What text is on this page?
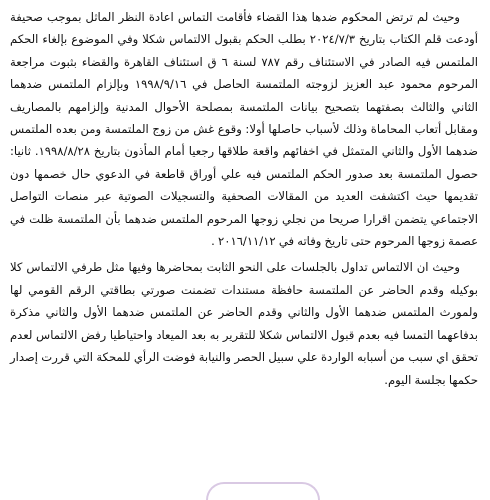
وحيث لم ترتض المحكوم ضدها هذا القضاء فأقامت التماس اعادة النظر الماثل بموجب صحيفة أودعت قلم الكتاب بتاريخ ٢٠٢٤/٧/٣ بطلب الحكم بقبول الالتماس شكلا وفي الموضوع بإلغاء الحكم الملتمس فيه الصادر في الاستئناف رقم ٧٨٧ لسنة ٦ ق استئناف القاهرة والقضاء بثبوت مراجعة المرحوم محمود عبد العزيز لزوجته الملتمسة الحاصل في ١٩٩٨/٩/١٦ وبإلزام الملتمس ضدهما الثاني والثالث بصفتهما بتصحيح بيانات الملتمسة بمصلحة الأحوال المدنية وإلزامهم بالمصاريف ومقابل أتعاب المحاماة وذلك لأسباب حاصلها أولا: وقوع غش من زوج الملتمسة ومن بعده الملتمس ضدهما الأول والثاني المتمثل في اخفائهم واقعة طلاقها رجعيا أمام المأذون بتاريخ ١٩٩٨/٨/٢٨. ثانيا: حصول الملتمسة بعد صدور الحكم الملتمس فيه علي أوراق قاطعة في الدعوي حال خصمها دون تقديمها حيث اكتشفت العديد من المقالات الصحفية والتسجيلات الصوتية عبر منصات التواصل الاجتماعي يتضمن اقرارا صريحا من نجلي زوجها المرحوم الملتمس ضدهما بأن الملتمسة ظلت في عصمة زوجها المرحوم حتى تاريخ وفاته في ٢٠١٦/١١/١٢ .

وحيث ان الالتماس تداول بالجلسات على النحو الثابت بمحاضرها وفيها مثل طرفي الالتماس كلا بوكيله وقدم الحاضر عن الملتمسة حافظة مستندات تضمنت صورتي بطاقتي الرقم القومي لها ولمورث الملتمس ضدهما الأول والثاني وقدم الحاضر عن الملتمس ضدهما الأول والثاني مذكرة بدفاعهما التمسا فيه بعدم قبول الالتماس شكلا للتقرير به بعد الميعاد واحتياطيا رفض الالتماس لعدم تحقق اي سبب من أسبابه الواردة علي سبيل الحصر والنيابة فوضت الرأي للمحكة التي قررت إصدار حكمها بجلسة اليوم.
